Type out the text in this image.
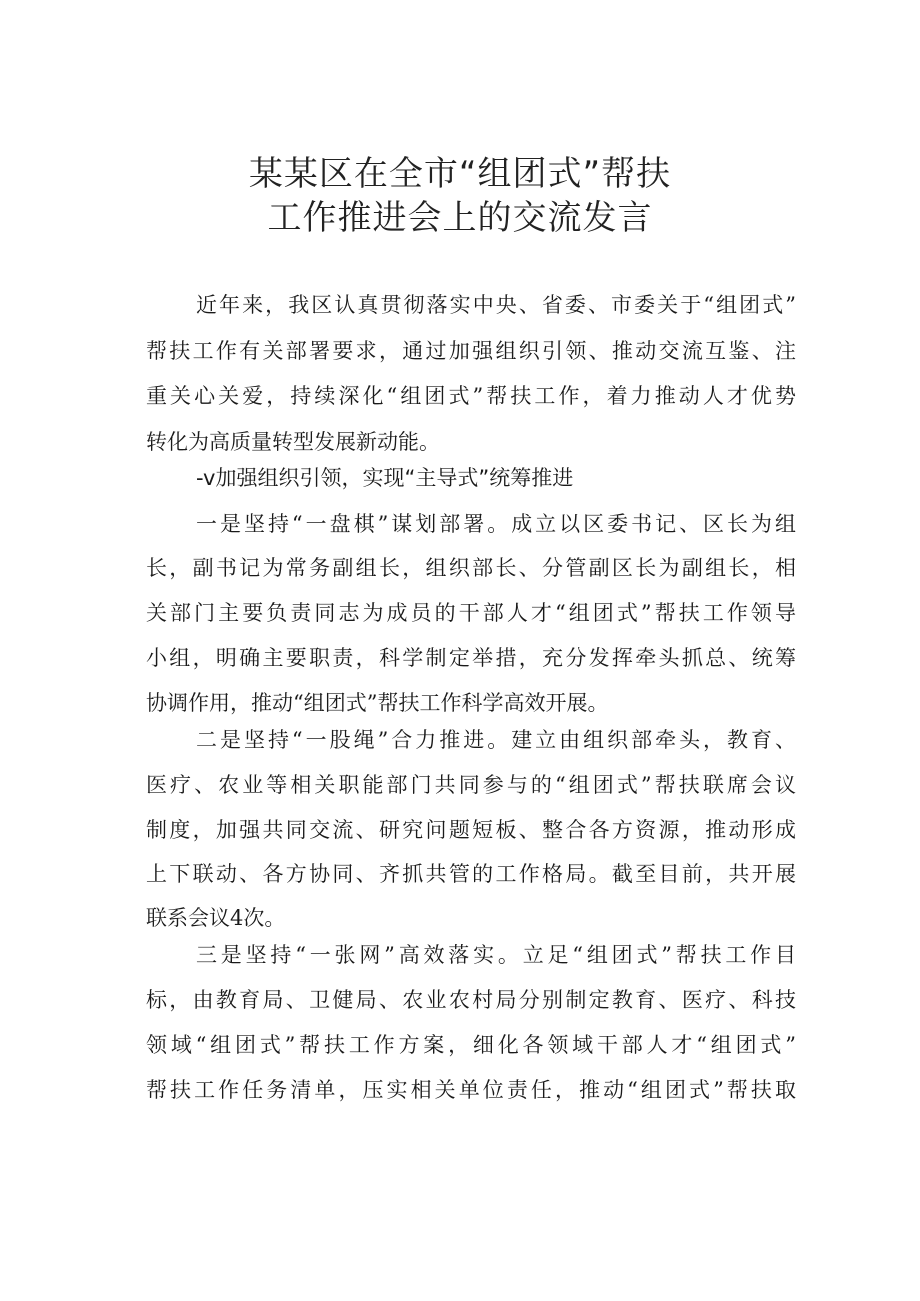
某某区在全市“组团式”帮扶
工作推进会上的交流发言
近年来，我区认真贯彻落实中央、省委、市委关于“组团式”
帮扶工作有关部署要求，通过加强组织引领、推动交流互鉴、注
重关心关爱，持续深化“组团式”帮扶工作，着力推动人才优势
转化为高质量转型发展新动能。
-v加强组织引领，实现“主导式”统筹推进
一是坚持“一盘棋”谋划部署。成立以区委书记、区长为组
长，副书记为常务副组长，组织部长、分管副区长为副组长，相
关部门主要负责同志为成员的干部人才“组团式”帮扶工作领导
小组，明确主要职责，科学制定举措，充分发挥牵头抓总、统筹
协调作用，推动“组团式”帮扶工作科学高效开展。
二是坚持“一股绳”合力推进。建立由组织部牵头，教育、
医疗、农业等相关职能部门共同参与的“组团式”帮扶联席会议
制度，加强共同交流、研究问题短板、整合各方资源，推动形成
上下联动、各方协同、齐抓共管的工作格局。截至目前，共开展
联系会议4次。
三是坚持“一张网”高效落实。立足“组团式”帮扶工作目
标，由教育局、卫健局、农业农村局分别制定教育、医疗、科技
领域“组团式”帮扶工作方案，细化各领域干部人才“组团式”
帮扶工作任务清单，压实相关单位责任，推动“组团式”帮扶取
